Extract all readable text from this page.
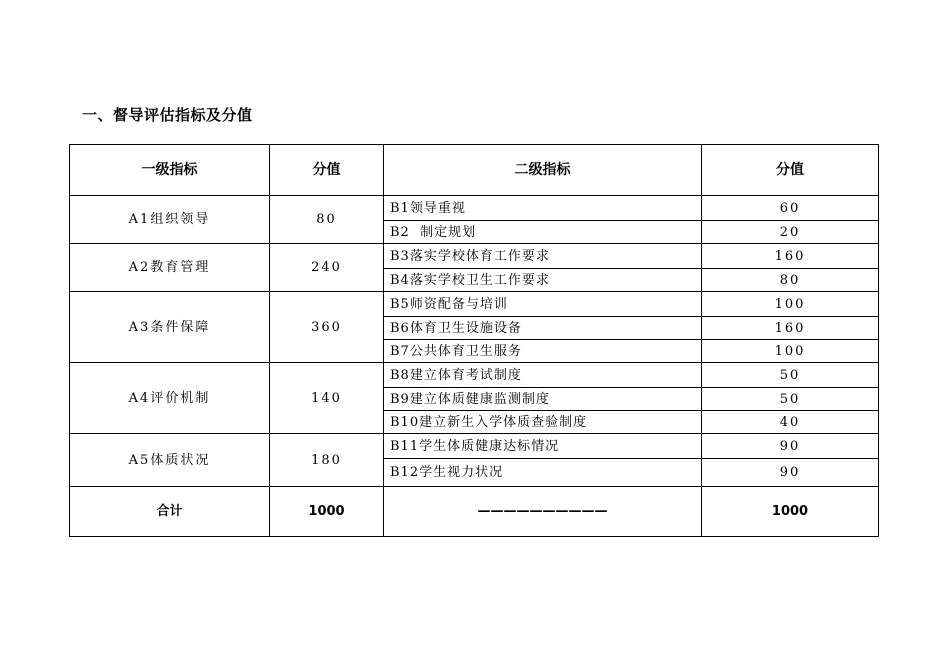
一、督导评估指标及分值
一级指标	分值	二级指标	分值
A1组织领导	80	B1领导重视	60
		B2  制定规划	20
A2教育管理	240	B3落实学校体育工作要求	160
		B4落实学校卫生工作要求	80
A3条件保障	360	B5师资配备与培训	100
		B6体育卫生设施设备	160
		B7公共体育卫生服务	100
A4评价机制	140	B8建立体育考试制度	50
		B9建立体质健康监测制度	50
		B10建立新生入学体质查验制度	40
A5体质状况	180	B11学生体质健康达标情况	90
		B12学生视力状况	90
合计	1000	——————————	1000
